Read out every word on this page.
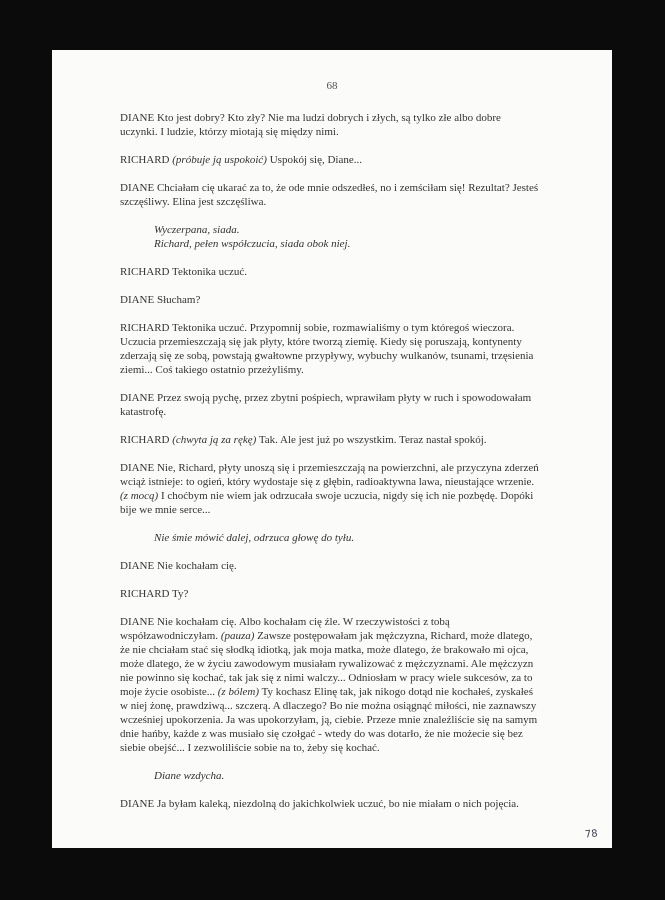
68

DIANE Kto jest dobry? Kto zły? Nie ma ludzi dobrych i złych, są tylko złe albo dobre uczynki. I ludzie, którzy miotają się między nimi.

RICHARD (próbuje ją uspokoić) Uspokój się, Diane...

DIANE Chciałam cię ukarać za to, że ode mnie odszedłeś, no i zemściłam się! Rezultat? Jesteś szczęśliwy. Elina jest szczęśliwa.

Wyczerpana, siada.
Richard, pełen współczucia, siada obok niej.

RICHARD Tektonika uczuć.

DIANE Słucham?

RICHARD Tektonika uczuć. Przypomnij sobie, rozmawialiśmy o tym któregoś wieczora. Uczucia przemieszczają się jak płyty, które tworzą ziemię. Kiedy się poruszają, kontynenty zderzają się ze sobą, powstają gwałtowne przypływy, wybuchy wulkanów, tsunami, trzęsienia ziemi... Coś takiego ostatnio przeżyliśmy.

DIANE Przez swoją pychę, przez zbytni pośpiech, wprawiłam płyty w ruch i spowodowałam katastrofę.

RICHARD (chwyta ją za rękę) Tak. Ale jest już po wszystkim. Teraz nastał spokój.

DIANE Nie, Richard, płyty unoszą się i przemieszczają na powierzchni, ale przyczyna zderzeń wciąż istnieje: to ogień, który wydostaje się z głębin, radioaktywna lawa, nieustające wrzenie. (z mocą) I choćbym nie wiem jak odrzucała swoje uczucia, nigdy się ich nie pozbędę. Dopóki bije we mnie serce...

Nie śmie mówić dalej, odrzuca głowę do tyłu.

DIANE Nie kochałam cię.

RICHARD Ty?

DIANE Nie kochałam cię. Albo kochałam cię źle. W rzeczywistości z tobą współzawodniczyłam. (pauza) Zawsze postępowałam jak mężczyzna, Richard, może dlatego, że nie chciałam stać się słodką idiotką, jak moja matka, może dlatego, że brakowało mi ojca, może dlatego, że w życiu zawodowym musiałam rywalizować z mężczyznami. Ale mężczyzn nie powinno się kochać, tak jak się z nimi walczy... Odniosłam w pracy wiele sukcesów, za to moje życie osobiste... (z bólem) Ty kochasz Elinę tak, jak nikogo dotąd nie kochałeś, zyskałeś w niej żonę, prawdziwą... szczerą. A dlaczego? Bo nie można osiągnąć miłości, nie zaznawszy wcześniej upokorzenia. Ja was upokorzyłam, ją, ciebie. Przeze mnie znaleźliście się na samym dnie hańby, każde z was musiało się czołgać - wtedy do was dotarło, że nie możecie się bez siebie obejść... I zezwoliliście sobie na to, żeby się kochać.

Diane wzdycha.

DIANE Ja byłam kaleką, niezdolną do jakichkolwiek uczuć, bo nie miałam o nich pojęcia.

78
